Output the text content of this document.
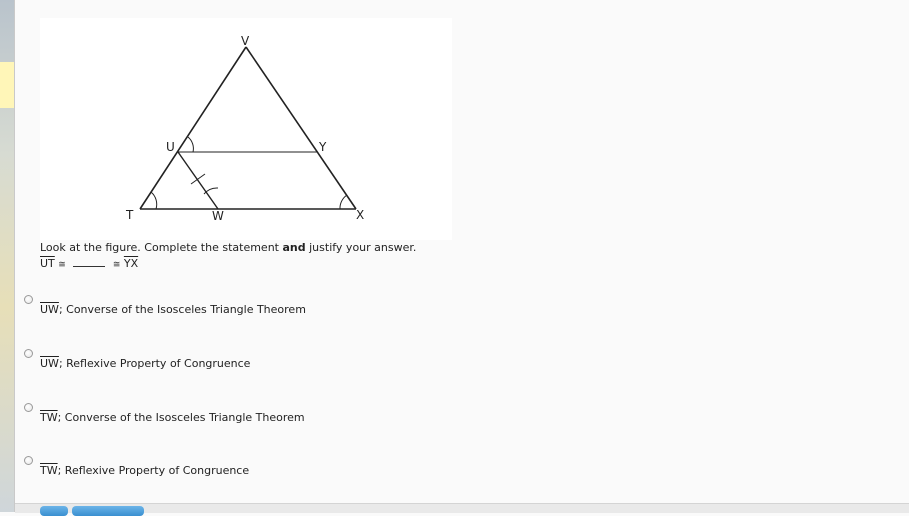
V
U	Y
T	W	X
Look at the figure. Complete the statement and justify your answer.
$\overline{UT}$ ≅	≅ $\overline{YX}$
$\overline{UW}$; Converse of the Isosceles Triangle Theorem
$\overline{UW}$; Reflexive Property of Congruence
$\overline{TW}$; Converse of the Isosceles Triangle Theorem
$\overline{TW}$; Reflexive Property of Congruence
